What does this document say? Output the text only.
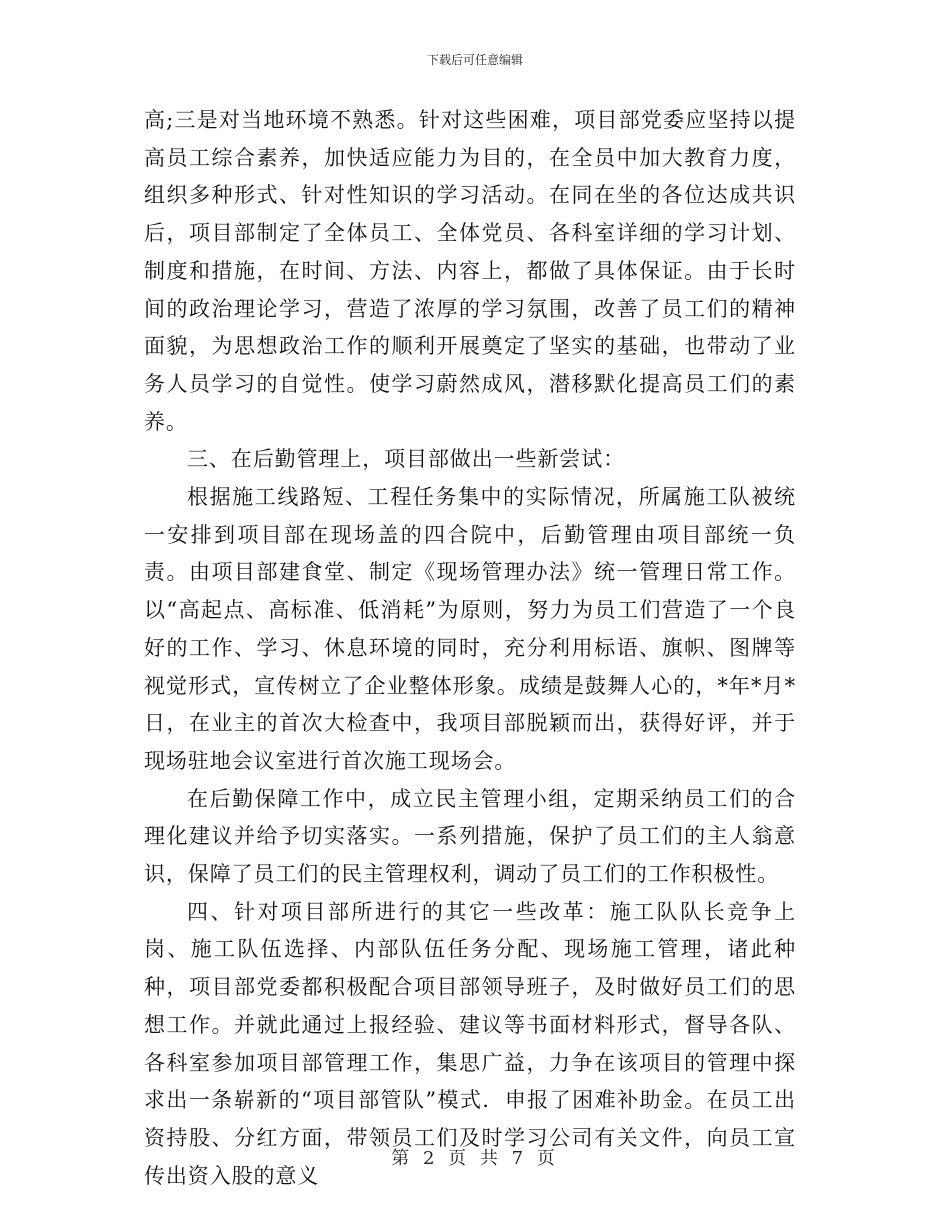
下载后可任意编辑

高;三是对当地环境不熟悉。针对这些困难，项目部党委应坚持以提高员工综合素养，加快适应能力为目的，在全员中加大教育力度，组织多种形式、针对性知识的学习活动。在同在坐的各位达成共识后，项目部制定了全体员工、全体党员、各科室详细的学习计划、制度和措施，在时间、方法、内容上，都做了具体保证。由于长时间的政治理论学习，营造了浓厚的学习氛围，改善了员工们的精神面貌，为思想政治工作的顺利开展奠定了坚实的基础，也带动了业务人员学习的自觉性。使学习蔚然成风，潜移默化提高员工们的素养。

三、在后勤管理上，项目部做出一些新尝试：

根据施工线路短、工程任务集中的实际情况，所属施工队被统一安排到项目部在现场盖的四合院中，后勤管理由项目部统一负责。由项目部建食堂、制定《现场管理办法》统一管理日常工作。以“高起点、高标准、低消耗”为原则，努力为员工们营造了一个良好的工作、学习、休息环境的同时，充分利用标语、旗帜、图牌等视觉形式，宣传树立了企业整体形象。成绩是鼓舞人心的，*年*月*日，在业主的首次大检查中，我项目部脱颖而出，获得好评，并于现场驻地会议室进行首次施工现场会。

在后勤保障工作中，成立民主管理小组，定期采纳员工们的合理化建议并给予切实落实。一系列措施，保护了员工们的主人翁意识，保障了员工们的民主管理权利，调动了员工们的工作积极性。

四、针对项目部所进行的其它一些改革：施工队队长竞争上岗、施工队伍选择、内部队伍任务分配、现场施工管理，诸此种种，项目部党委都积极配合项目部领导班子，及时做好员工们的思想工作。并就此通过上报经验、建议等书面材料形式，督导各队、各科室参加项目部管理工作，集思广益，力争在该项目的管理中探求出一条崭新的“项目部管队”模式．申报了困难补助金。在员工出资持股、分红方面，带领员工们及时学习公司有关文件，向员工宣传出资入股的意义

第 2 页 共 7 页
